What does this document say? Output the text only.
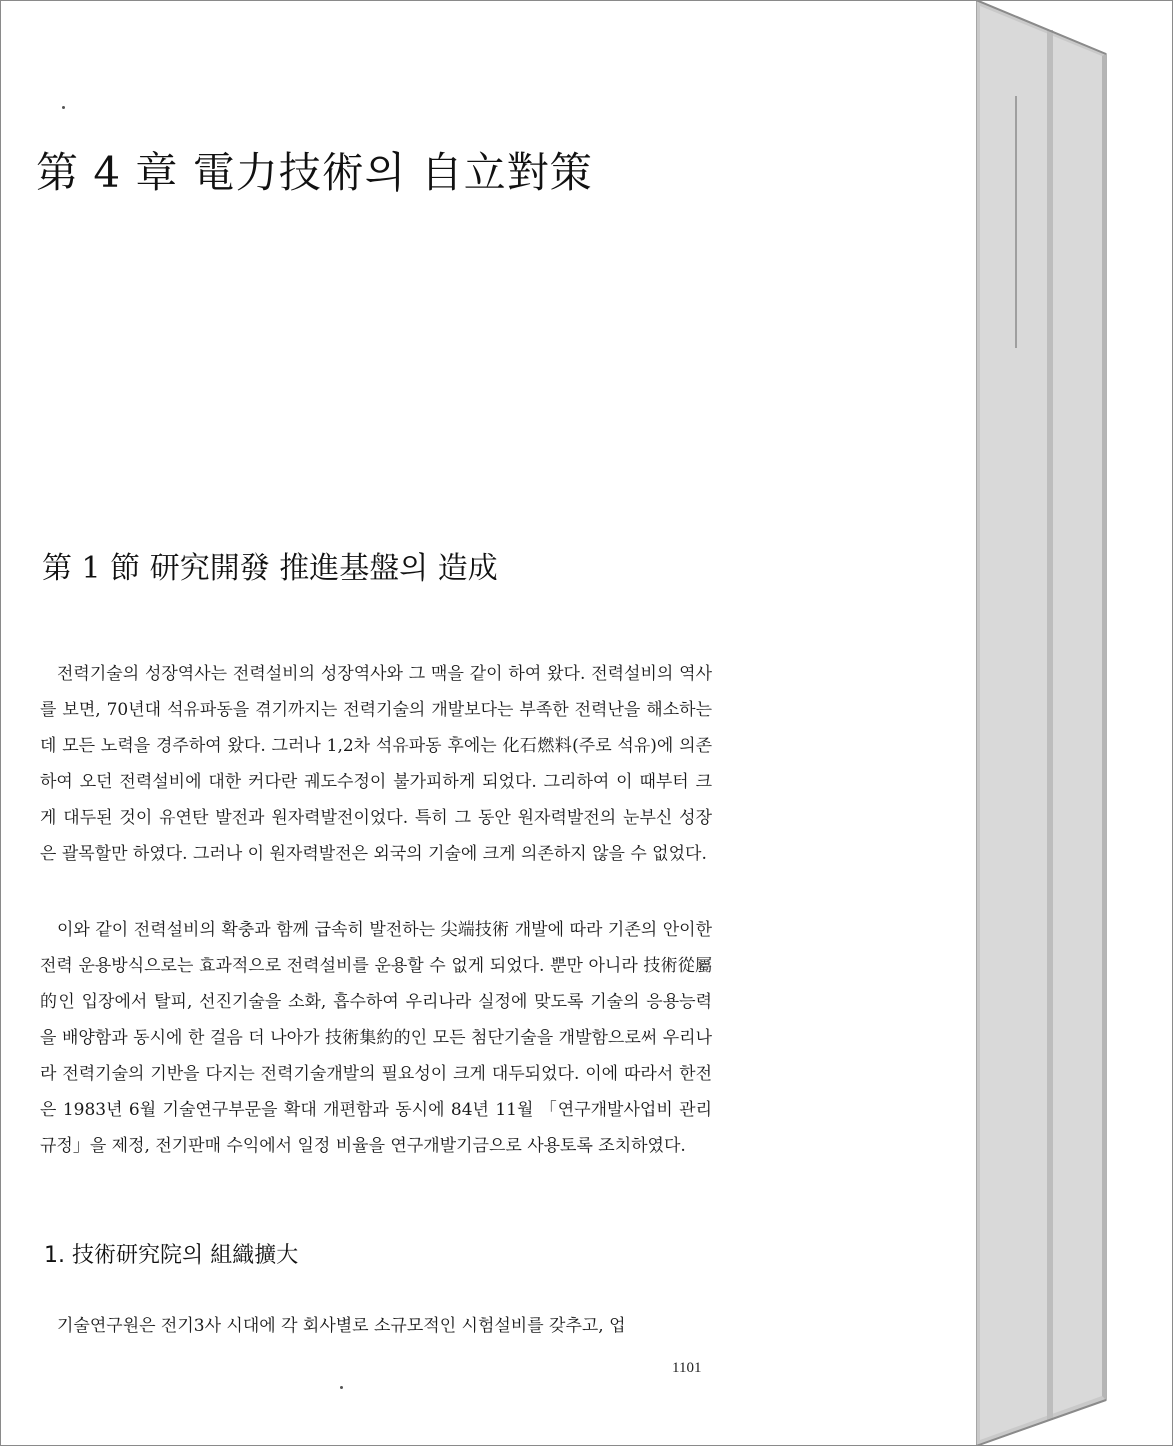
第 4 章 電力技術의 自立對策
第 1 節 研究開發 推進基盤의 造成

전력기술의 성장역사는 전력설비의 성장역사와 그 맥을 같이 하여 왔다. 전력설비의 역사를 보면, 70년대 석유파동을 겪기까지는 전력기술의 개발보다는 부족한 전력난을 해소하는데 모든 노력을 경주하여 왔다. 그러나 1,2차 석유파동 후에는 化石燃料(주로 석유)에 의존하여 오던 전력설비에 대한 커다란 궤도수정이 불가피하게 되었다. 그리하여 이 때부터 크게 대두된 것이 유연탄 발전과 원자력발전이었다. 특히 그 동안 원자력발전의 눈부신 성장은 괄목할만 하였다. 그러나 이 원자력발전은 외국의 기술에 크게 의존하지 않을 수 없었다.

이와 같이 전력설비의 확충과 함께 급속히 발전하는 尖端技術 개발에 따라 기존의 안이한 전력 운용방식으로는 효과적으로 전력설비를 운용할 수 없게 되었다. 뿐만 아니라 技術從屬的인 입장에서 탈피, 선진기술을 소화, 흡수하여 우리나라 실정에 맞도록 기술의 응용능력을 배양함과 동시에 한 걸음 더 나아가 技術集約的인 모든 첨단기술을 개발함으로써 우리나라 전력기술의 기반을 다지는 전력기술개발의 필요성이 크게 대두되었다. 이에 따라서 한전은 1983년 6월 기술연구부문을 확대 개편함과 동시에 84년 11월 「연구개발사업비 관리규정」을 제정, 전기판매 수익에서 일정 비율을 연구개발기금으로 사용토록 조치하였다.

1. 技術研究院의 組織擴大

기술연구원은 전기3사 시대에 각 회사별로 소규모적인 시험설비를 갖추고, 업

1101
